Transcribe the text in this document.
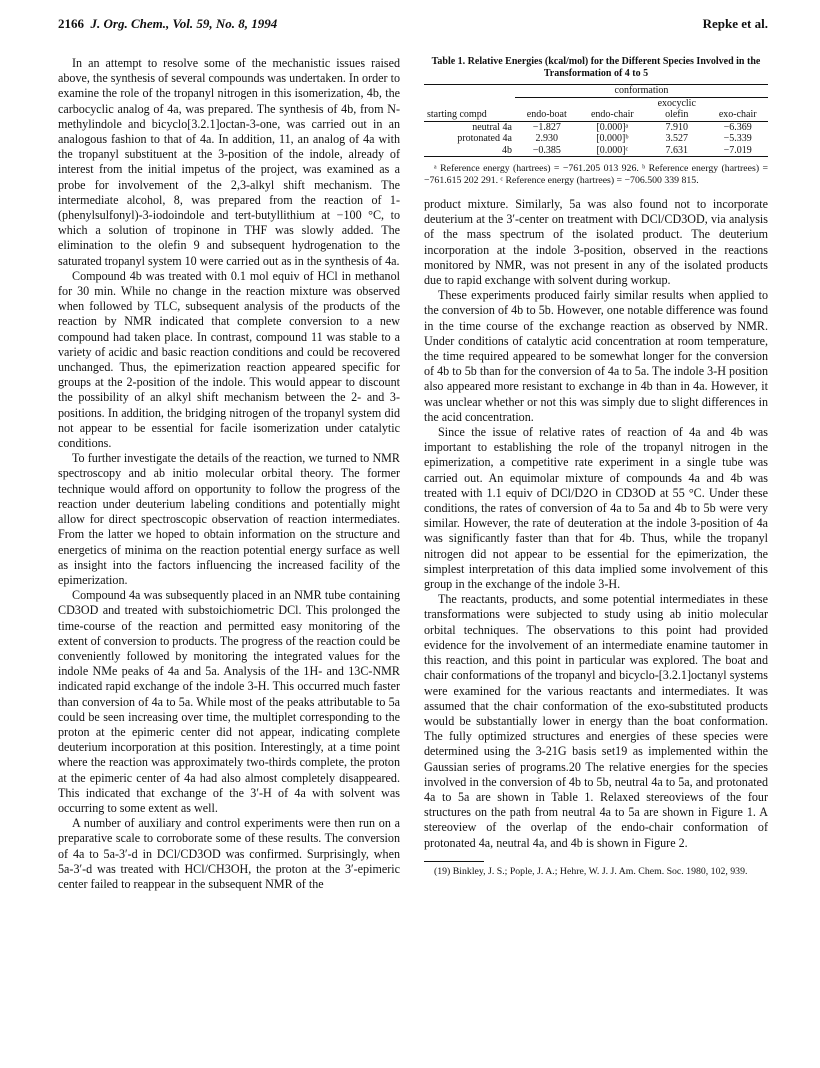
2166 J. Org. Chem., Vol. 59, No. 8, 1994	Repke et al.

In an attempt to resolve some of the mechanistic issues raised above, the synthesis of several compounds was undertaken. In order to examine the role of the tropanyl nitrogen in this isomerization, 4b, the carbocyclic analog of 4a, was prepared. The synthesis of 4b, from N-methylindole and bicyclo[3.2.1]octan-3-one, was carried out in an analogous fashion to that of 4a. In addition, 11, an analog of 4a with the tropanyl substituent at the 3-position of the indole, already of interest from the initial impetus of the project, was examined as a probe for involvement of the 2,3-alkyl shift mechanism. The intermediate alcohol, 8, was prepared from the reaction of 1-(phenylsulfonyl)-3-iodoindole and tert-butyllithium at −100 °C, to which a solution of tropinone in THF was slowly added. The elimination to the olefin 9 and subsequent hydrogenation to the saturated tropanyl system 10 were carried out as in the synthesis of 4a.

Compound 4b was treated with 0.1 mol equiv of HCl in methanol for 30 min. While no change in the reaction mixture was observed when followed by TLC, subsequent analysis of the products of the reaction by NMR indicated that complete conversion to a new compound had taken place. In contrast, compound 11 was stable to a variety of acidic and basic reaction conditions and could be recovered unchanged. Thus, the epimerization reaction appeared specific for groups at the 2-position of the indole. This would appear to discount the possibility of an alkyl shift mechanism between the 2- and 3-positions. In addition, the bridging nitrogen of the tropanyl system did not appear to be essential for facile isomerization under catalytic conditions.

To further investigate the details of the reaction, we turned to NMR spectroscopy and ab initio molecular orbital theory. The former technique would afford on opportunity to follow the progress of the reaction under deuterium labeling conditions and potentially might allow for direct spectroscopic observation of reaction intermediates. From the latter we hoped to obtain information on the structure and energetics of minima on the reaction potential energy surface as well as insight into the factors influencing the increased facility of the epimerization.

Compound 4a was subsequently placed in an NMR tube containing CD3OD and treated with substoichiometric DCl. This prolonged the time-course of the reaction and permitted easy monitoring of the extent of conversion to products. The progress of the reaction could be conveniently followed by monitoring the integrated values for the indole NMe peaks of 4a and 5a. Analysis of the 1H- and 13C-NMR indicated rapid exchange of the indole 3-H. This occurred much faster than conversion of 4a to 5a. While most of the peaks attributable to 5a could be seen increasing over time, the multiplet corresponding to the proton at the epimeric center did not appear, indicating complete deuterium incorporation at this position. Interestingly, at a time point where the reaction was approximately two-thirds complete, the proton at the epimeric center of 4a had also almost completely disappeared. This indicated that exchange of the 3′-H of 4a with solvent was occurring to some extent as well.

A number of auxiliary and control experiments were then run on a preparative scale to corroborate some of these results. The conversion of 4a to 5a-3′-d in DCl/CD3OD was confirmed. Surprisingly, when 5a-3′-d was treated with HCl/CH3OH, the proton at the 3′-epimeric center failed to reappear in the subsequent NMR of the

Table 1. Relative Energies (kcal/mol) for the Different Species Involved in the Transformation of 4 to 5
	conformation			
			exocyclic	
starting compd	endo-boat	endo-chair	olefin	exo-chair
neutral 4a	−1.827	[0.000]ᵃ	7.910	−6.369
protonated 4a	2.930	[0.000]ᵇ	3.527	−5.339
4b	−0.385	[0.000]ᶜ	7.631	−7.019
ᵃ Reference energy (hartrees) = −761.205 013 926. ᵇ Reference energy (hartrees) = −761.615 202 291. ᶜ Reference energy (hartrees) = −706.500 339 815.

product mixture. Similarly, 5a was also found not to incorporate deuterium at the 3′-center on treatment with DCl/CD3OD, via analysis of the mass spectrum of the isolated product. The deuterium incorporation at the indole 3-position, observed in the reactions monitored by NMR, was not present in any of the isolated products due to rapid exchange with solvent during workup.

These experiments produced fairly similar results when applied to the conversion of 4b to 5b. However, one notable difference was found in the time course of the exchange reaction as observed by NMR. Under conditions of catalytic acid concentration at room temperature, the time required appeared to be somewhat longer for the conversion of 4b to 5b than for the conversion of 4a to 5a. The indole 3-H position also appeared more resistant to exchange in 4b than in 4a. However, it was unclear whether or not this was simply due to slight differences in the acid concentration.

Since the issue of relative rates of reaction of 4a and 4b was important to establishing the role of the tropanyl nitrogen in the epimerization, a competitive rate experiment in a single tube was carried out. An equimolar mixture of compounds 4a and 4b was treated with 1.1 equiv of DCl/D2O in CD3OD at 55 °C. Under these conditions, the rates of conversion of 4a to 5a and 4b to 5b were very similar. However, the rate of deuteration at the indole 3-position of 4a was significantly faster than that for 4b. Thus, while the tropanyl nitrogen did not appear to be essential for the epimerization, the simplest interpretation of this data implied some involvement of this group in the exchange of the indole 3-H.

The reactants, products, and some potential intermediates in these transformations were subjected to study using ab initio molecular orbital techniques. The observations to this point had provided evidence for the involvement of an intermediate enamine tautomer in this reaction, and this point in particular was explored. The boat and chair conformations of the tropanyl and bicyclo-[3.2.1]octanyl systems were examined for the various reactants and intermediates. It was assumed that the chair conformation of the exo-substituted products would be substantially lower in energy than the boat conformation. The fully optimized structures and energies of these species were determined using the 3-21G basis set19 as implemented within the Gaussian series of programs.20 The relative energies for the species involved in the conversion of 4b to 5b, neutral 4a to 5a, and protonated 4a to 5a are shown in Table 1. Relaxed stereoviews of the four structures on the path from neutral 4a to 5a are shown in Figure 1. A stereoview of the overlap of the endo-chair conformation of protonated 4a, neutral 4a, and 4b is shown in Figure 2.

(19) Binkley, J. S.; Pople, J. A.; Hehre, W. J. J. Am. Chem. Soc. 1980, 102, 939.
